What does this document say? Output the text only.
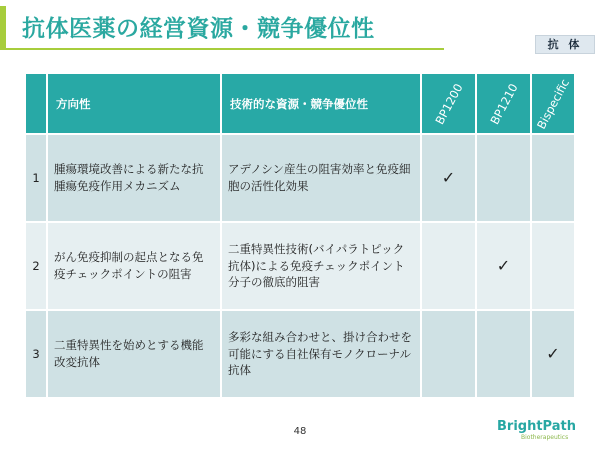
抗体医薬の経営資源・競争優位性
抗 体
	方向性	技術的な資源・競争優位性	BP1200	BP1210	Bispecific

1	腫瘍環境改善による新たな抗腫瘍免疫作用メカニズム	アデノシン産生の阻害効率と免疫細胞の活性化効果	✓		
2	がん免疫抑制の起点となる免疫チェックポイントの阻害	二重特異性技術(バイパラトピック抗体)による免疫チェックポイント分子の徹底的阻害		✓	
3	二重特異性を始めとする機能改変抗体	多彩な組み合わせと、掛け合わせを可能にする自社保有モノクローナル抗体			✓
48	BrightPath
Biotherapeutics
